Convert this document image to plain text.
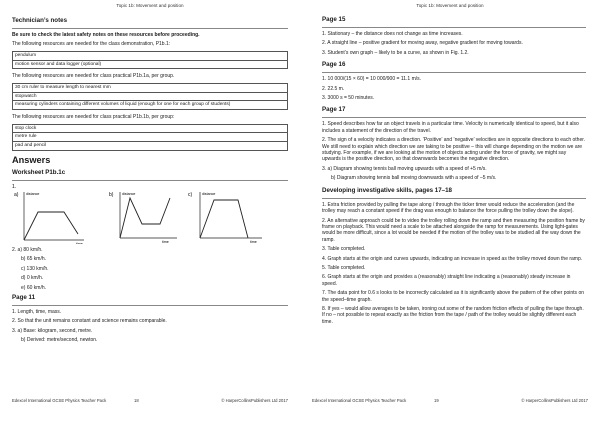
Topic 1b: Movement and position
Technician’s notes

Be sure to check the latest safety notes on these resources before proceeding.

The following resources are needed for the class demonstration, P1b.1:

pendulum
motion sensor and data logger (optional)

The following resources are needed for class practical P1b.1a, per group.

30 cm ruler to measure length to nearest mm
stopwatch
measuring cylinders containing different volumes of liquid (enough for one for each group of students)

The following resources are needed for class practical P1b.1b, per group:

stop clock
metre rule
pad and pencil
Answers
Worksheet P1b.1c
1.
a) distance
time
b) distance
time
c)	distance
time

2. a) 80 km/h.

b) 65 km/h.

c) 130 km/h.

d) 0 km/h.

e) 60 km/h.

Page 11

1. Length, time, mass.

2. So that the unit remains constant and science remains comparable.

3. a) Base: kilogram, second, metre.

b) Derived: metre/second, newton.

Edexcel International GCSE Physics Teacher Pack	18	© HarperCollinsPublishers Ltd 2017
Topic 1b: Movement and position
Page 15

1. Stationary – the distance does not change as time increases.

2. A straight line – positive gradient for moving away, negative gradient for moving towards.

3. Student’s own graph – likely to be a curve, as shown in Fig. 1.2.

Page 16

1. 10 000/(15 × 60) = 10 000/900 = 11.1 m/s.

2. 22.5 m.

3. 3000 s = 50 minutes.

Page 17

1. Speed describes how far an object travels in a particular time. Velocity is numerically identical to speed, but it also includes a statement of the direction of the travel.

2. The sign of a velocity indicates a direction. ‘Positive’ and ‘negative’ velocities are in opposite directions to each other. We still need to explain which direction we are taking to be positive – this will change depending on the motion we are studying. For example, if we are looking at the motion of objects acting under the force of gravity, we might say upwards is the positive direction, so that downwards becomes the negative direction.

3. a) Diagram showing tennis ball moving upwards with a speed of +5 m/s.

b) Diagram showing tennis ball moving downwards with a speed of –5 m/s.

Developing investigative skills, pages 17–18

1. Extra friction provided by pulling the tape along / through the ticker timer would reduce the acceleration (and the trolley may reach a constant speed if the drag was enough to balance the force pulling the trolley down the slope).

2. An alternative approach could be to video the trolley rolling down the ramp and then measuring the position frame by frame on playback. This would need a scale to be attached alongside the ramp for measurements. Using light-gates would be more difficult, since a lot would be needed if the motion of the trolley was to be studied all the way down the ramp.

3. Table completed.

4. Graph starts at the origin and curves upwards, indicating an increase in speed as the trolley moved down the ramp.

5. Table completed.

6. Graph starts at the origin and provides a (reasonably) straight line indicating a (reasonably) steady increase in speed.

7. The data point for 0.6 s looks to be incorrectly calculated as it is significantly above the pattern of the other points on the speed–time graph.

8. If yes – would allow averages to be taken, ironing out some of the random friction effects of pulling the tape through. If no – not possible to repeat exactly as the friction from the tape / path of the trolley would be slightly different each time.

Edexcel International GCSE Physics Teacher Pack	19	© HarperCollinsPublishers Ltd 2017
